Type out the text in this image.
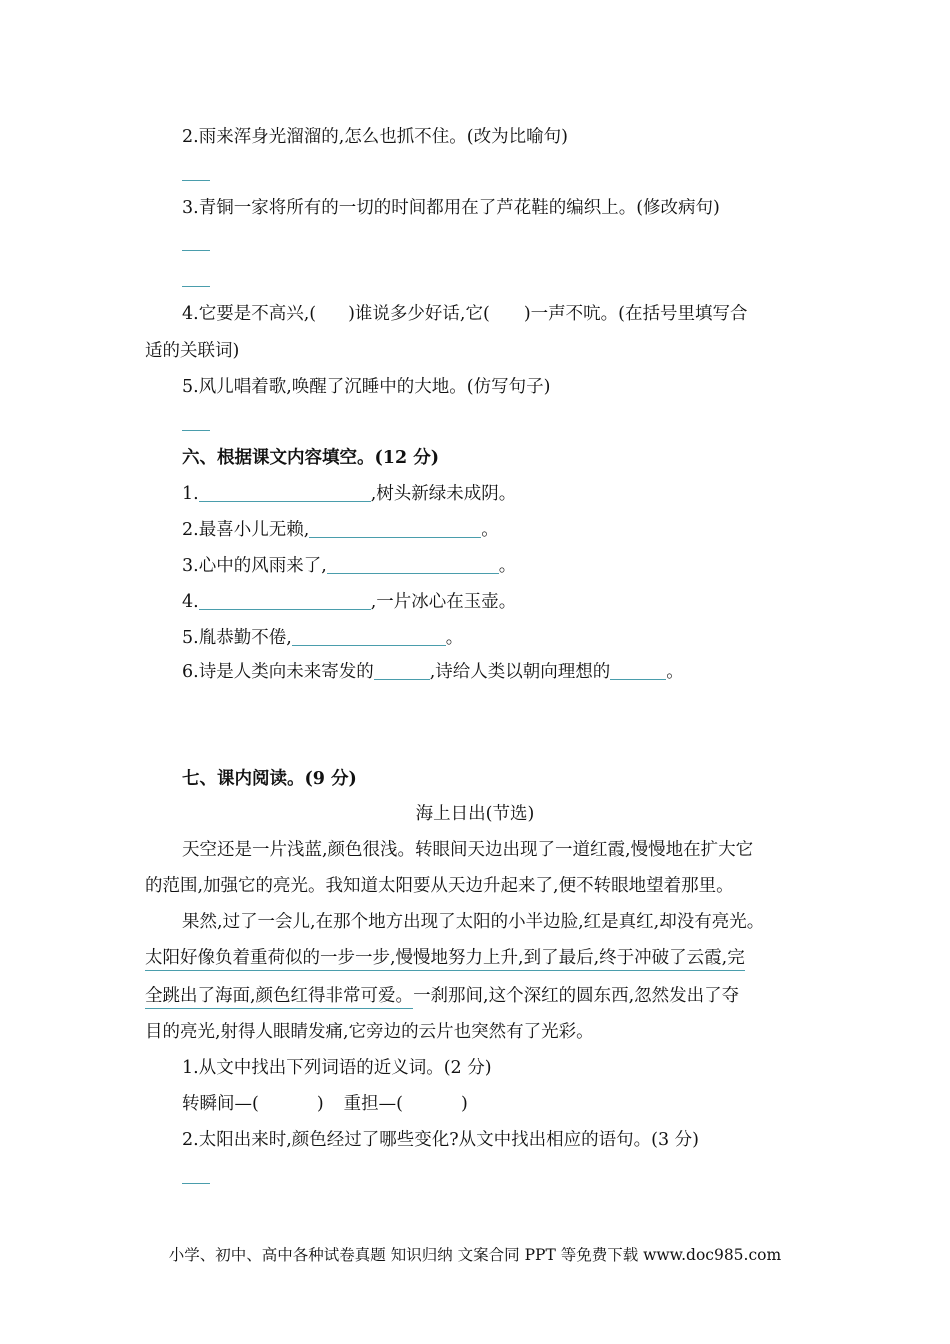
2.雨来浑身光溜溜的,怎么也抓不住。(改为比喻句)
3.青铜一家将所有的一切的时间都用在了芦花鞋的编织上。(修改病句)
4.它要是不高兴,( )谁说多少好话,它( )一声不吭。(在括号里填写合
适的关联词)
5.风儿唱着歌,唤醒了沉睡中的大地。(仿写句子)
六、根据课文内容填空。(12 分)
1.	,树头新绿未成阴。
2.最喜小儿无赖,	。
3.心中的风雨来了,	。
4.	,一片冰心在玉壶。
5.胤恭勤不倦,	。
6.诗是人类向未来寄发的	,诗给人类以朝向理想的	。
七、课内阅读。(9 分)
海上日出(节选)
天空还是一片浅蓝,颜色很浅。转眼间天边出现了一道红霞,慢慢地在扩大它
的范围,加强它的亮光。我知道太阳要从天边升起来了,便不转眼地望着那里。
果然,过了一会儿,在那个地方出现了太阳的小半边脸,红是真红,却没有亮光。
太阳好像负着重荷似的一步一步,慢慢地努力上升,到了最后,终于冲破了云霞,完
全跳出了海面,颜色红得非常可爱。一刹那间,这个深红的圆东西,忽然发出了夺
目的亮光,射得人眼睛发痛,它旁边的云片也突然有了光彩。
1.从文中找出下列词语的近义词。(2 分)
转瞬间—(	) 重担—(	)
2.太阳出来时,颜色经过了哪些变化?从文中找出相应的语句。(3 分)
小学、初中、高中各种试卷真题 知识归纳 文案合同 PPT 等免费下载 www.doc985.com
